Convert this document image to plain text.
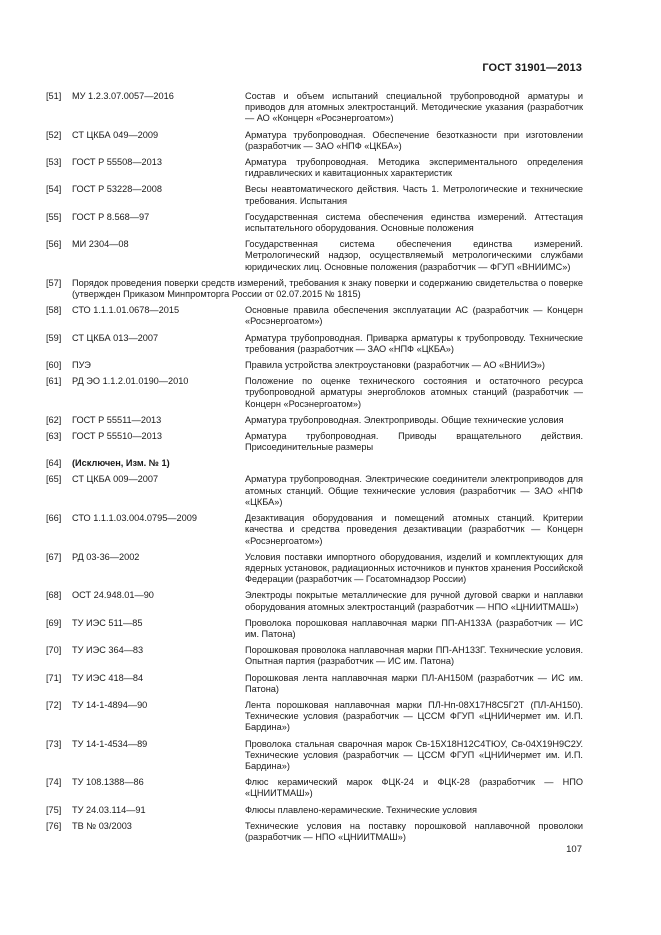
ГОСТ 31901—2013
[51] МУ 1.2.3.07.0057—2016	Состав и объем испытаний специальной трубопроводной арматуры и приводов для атомных электростанций. Методические указания (разработчик — АО «Концерн «Росэнергоатом»)
[52] СТ ЦКБА 049—2009	Арматура трубопроводная. Обеспечение безотказности при изготовлении (разработчик — ЗАО «НПФ «ЦКБА»)
[53] ГОСТ Р 55508—2013	Арматура трубопроводная. Методика экспериментального определения гидравлических и кавитационных характеристик
[54] ГОСТ Р 53228—2008	Весы неавтоматического действия. Часть 1. Метрологические и технические требования. Испытания
[55] ГОСТ Р 8.568—97	Государственная система обеспечения единства измерений. Аттестация испытательного оборудования. Основные положения
[56] МИ 2304—08	Государственная система обеспечения единства измерений. Метрологический надзор, осуществляемый метрологическими службами юридических лиц. Основные положения (разработчик — ФГУП «ВНИИМС»)
[57] Порядок проведения поверки средств измерений, требования к знаку поверки и содержанию свидетельства о поверке (утвержден Приказом Минпромторга России от 02.07.2015 № 1815)
[58] СТО 1.1.1.01.0678—2015	Основные правила обеспечения эксплуатации АС (разработчик — Концерн «Росэнергоатом»)
[59] СТ ЦКБА 013—2007	Арматура трубопроводная. Приварка арматуры к трубопроводу. Технические требования (разработчик — ЗАО «НПФ «ЦКБА»)
[60] ПУЭ	Правила устройства электроустановки (разработчик — АО «ВНИИЭ»)
[61] РД ЭО 1.1.2.01.0190—2010	Положение по оценке технического состояния и остаточного ресурса трубопроводной арматуры энергоблоков атомных станций (разработчик — Концерн «Росэнергоатом»)
[62] ГОСТ Р 55511—2013	Арматура трубопроводная. Электроприводы. Общие технические условия
[63] ГОСТ Р 55510—2013	Арматура трубопроводная. Приводы вращательного действия. Присоединительные размеры
[64] (Исключен, Изм. № 1)
[65] СТ ЦКБА 009—2007	Арматура трубопроводная. Электрические соединители электроприводов для атомных станций. Общие технические условия (разработчик — ЗАО «НПФ «ЦКБА»)
[66] СТО 1.1.1.03.004.0795—2009	Дезактивация оборудования и помещений атомных станций. Критерии качества и средства проведения дезактивации (разработчик — Концерн «Росэнергоатом»)
[67] РД 03-36—2002	Условия поставки импортного оборудования, изделий и комплектующих для ядерных установок, радиационных источников и пунктов хранения Российской Федерации (разработчик — Госатомнадзор России)
[68] ОСТ 24.948.01—90	Электроды покрытые металлические для ручной дуговой сварки и наплавки оборудования атомных электростанций (разработчик — НПО «ЦНИИТМАШ»)
[69] ТУ ИЭС 511—85	Проволока порошковая наплавочная марки ПП-АН133А (разработчик — ИС им. Патона)
[70] ТУ ИЭС 364—83	Порошковая проволока наплавочная марки ПП-АН133Г. Технические условия. Опытная партия (разработчик — ИС им. Патона)
[71] ТУ ИЭС 418—84	Порошковая лента наплавочная марки ПЛ-АН150М (разработчик — ИС им. Патона)
[72] ТУ 14-1-4894—90	Лента порошковая наплавочная марки ПЛ-Нп-08Х17Н8С5Г2Т (ПЛ-АН150). Технические условия (разработчик — ЦССМ ФГУП «ЦНИИчермет им. И.П. Бардина»)
[73] ТУ 14-1-4534—89	Проволока стальная сварочная марок Св-15Х18Н12С4ТЮУ, Св-04Х19Н9С2У. Технические условия (разработчик — ЦССМ ФГУП «ЦНИИчермет им. И.П. Бардина»)
[74] ТУ 108.1388—86	Флюс керамический марок ФЦК-24 и ФЦК-28 (разработчик — НПО «ЦНИИТМАШ»)
[75] ТУ 24.03.114—91	Флюсы плавлено-керамические. Технические условия
[76] ТВ № 03/2003	Технические условия на поставку порошковой наплавочной проволоки (разработчик — НПО «ЦНИИТМАШ»)
107
